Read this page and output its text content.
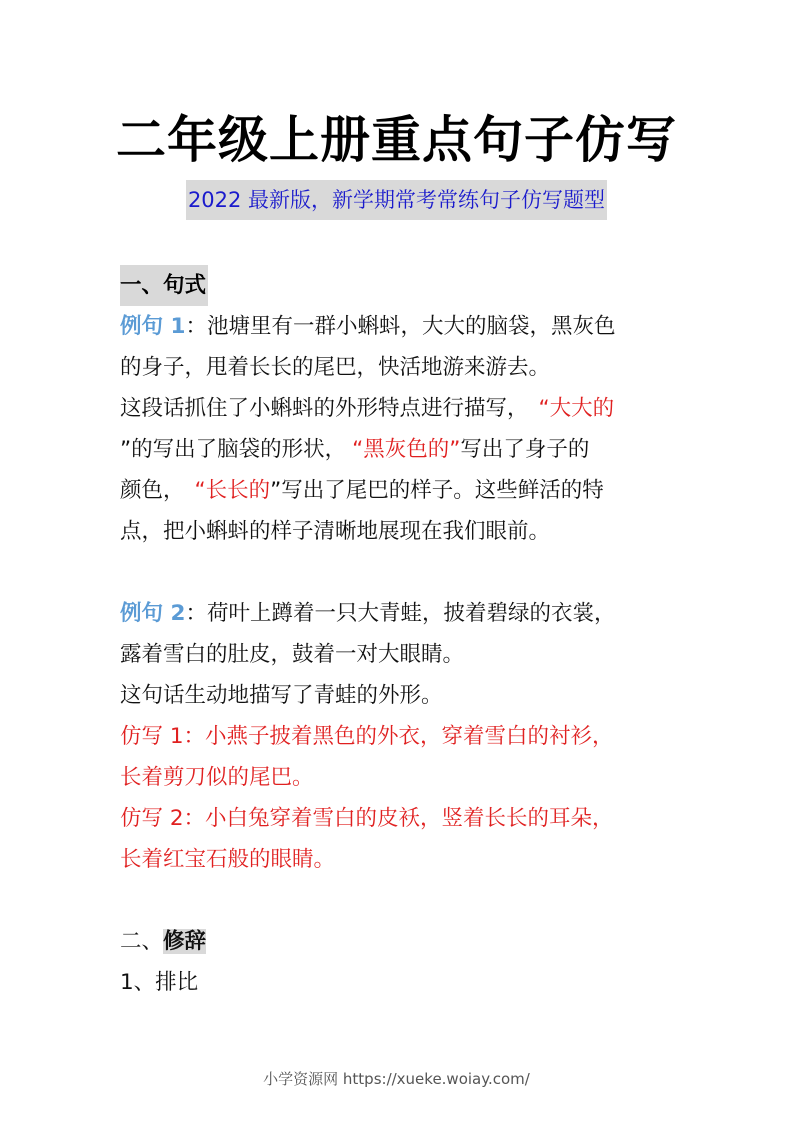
二年级上册重点句子仿写
2022 最新版，新学期常考常练句子仿写题型
一、句式
例句 1：池塘里有一群小蝌蚪，大大的脑袋，黑灰色
的身子，甩着长长的尾巴，快活地游来游去。
这段话抓住了小蝌蚪的外形特点进行描写， “大大的
”的写出了脑袋的形状， “黑灰色的”写出了身子的
颜色， “长长的”写出了尾巴的样子。这些鲜活的特
点，把小蝌蚪的样子清晰地展现在我们眼前。
例句 2：荷叶上蹲着一只大青蛙，披着碧绿的衣裳，
露着雪白的肚皮，鼓着一对大眼睛。
这句话生动地描写了青蛙的外形。
仿写 1：小燕子披着黑色的外衣，穿着雪白的衬衫，
长着剪刀似的尾巴。
仿写 2：小白兔穿着雪白的皮袄，竖着长长的耳朵，
长着红宝石般的眼睛。
二、修辞
1、排比
小学资源网 https://xueke.woiay.com/
